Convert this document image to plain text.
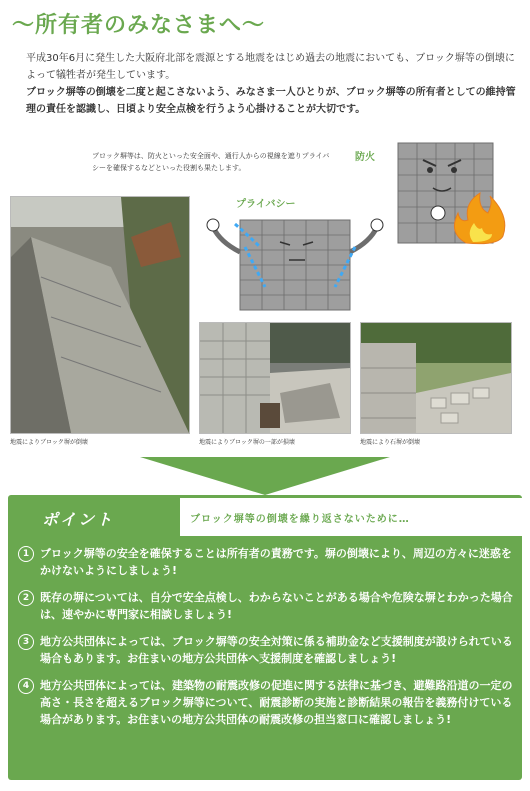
〜所有者のみなさまへ〜

平成30年6月に発生した大阪府北部を震源とする地震をはじめ過去の地震においても、ブロック塀等の倒壊によって犠牲者が発生しています。

ブロック塀等の倒壊を二度と起こさないよう、みなさま一人ひとりが、ブロック塀等の所有者としての維持管理の責任を認識し、日頃より安全点検を行うよう心掛けることが大切です。

ブロック塀等は、防火といった安全面や、通行人からの視線を遮りプライバシーを確保するなどといった役割も果たします。
プライバシー
防火
地震によりブロック塀が倒壊	地震によりブロック塀の一部が損壊	地震により石塀が倒壊
ポイント	ブロック塀等の倒壊を繰り返さないために…
1 ブロック塀等の安全を確保することは所有者の責務です。塀の倒壊により、周辺の方々に迷惑をかけないようにしましょう!
2 既存の塀については、自分で安全点検し、わからないことがある場合や危険な塀とわかった場合は、速やかに専門家に相談しましょう!
3 地方公共団体によっては、ブロック塀等の安全対策に係る補助金など支援制度が設けられている場合もあります。お住まいの地方公共団体へ支援制度を確認しましょう!
4 地方公共団体によっては、建築物の耐震改修の促進に関する法律に基づき、避難路沿道の一定の高さ・長さを超えるブロック塀等について、耐震診断の実施と診断結果の報告を義務付けている場合があります。お住まいの地方公共団体の耐震改修の担当窓口に確認しましょう!
